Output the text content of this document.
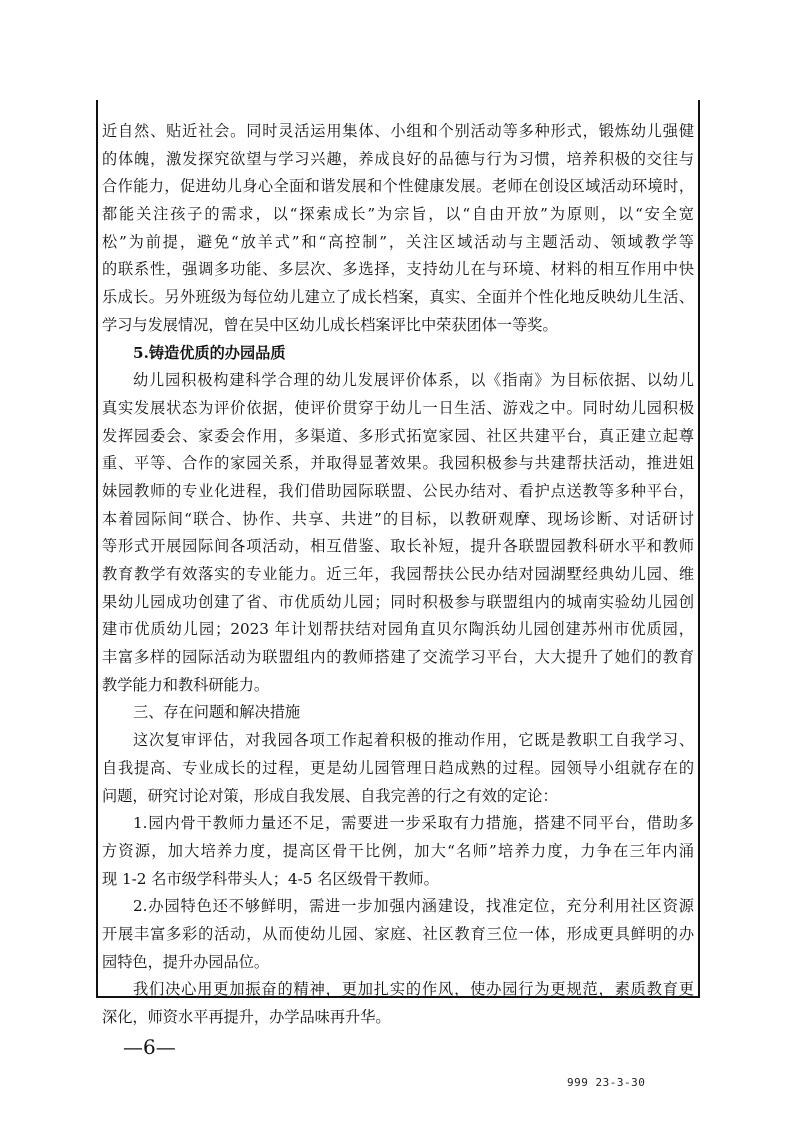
近自然、贴近社会。同时灵活运用集体、小组和个别活动等多种形式，锻炼幼儿强健
的体魄，激发探究欲望与学习兴趣，养成良好的品德与行为习惯，培养积极的交往与
合作能力，促进幼儿身心全面和谐发展和个性健康发展。老师在创设区域活动环境时，
都能关注孩子的需求，以“探索成长”为宗旨，以“自由开放”为原则，以“安全宽
松”为前提，避免“放羊式”和“高控制”，关注区域活动与主题活动、领域教学等
的联系性，强调多功能、多层次、多选择，支持幼儿在与环境、材料的相互作用中快
乐成长。另外班级为每位幼儿建立了成长档案，真实、全面并个性化地反映幼儿生活、
学习与发展情况，曾在吴中区幼儿成长档案评比中荣获团体一等奖。
5.铸造优质的办园品质
幼儿园积极构建科学合理的幼儿发展评价体系，以《指南》为目标依据、以幼儿
真实发展状态为评价依据，使评价贯穿于幼儿一日生活、游戏之中。同时幼儿园积极
发挥园委会、家委会作用，多渠道、多形式拓宽家园、社区共建平台，真正建立起尊
重、平等、合作的家园关系，并取得显著效果。我园积极参与共建帮扶活动，推进姐
妹园教师的专业化进程，我们借助园际联盟、公民办结对、看护点送教等多种平台，
本着园际间“联合、协作、共享、共进”的目标，以教研观摩、现场诊断、对话研讨
等形式开展园际间各项活动，相互借鉴、取长补短，提升各联盟园教科研水平和教师
教育教学有效落实的专业能力。近三年，我园帮扶公民办结对园湖墅经典幼儿园、维
果幼儿园成功创建了省、市优质幼儿园；同时积极参与联盟组内的城南实验幼儿园创
建市优质幼儿园；2023 年计划帮扶结对园角直贝尔陶浜幼儿园创建苏州市优质园，
丰富多样的园际活动为联盟组内的教师搭建了交流学习平台，大大提升了她们的教育
教学能力和教科研能力。
三、存在问题和解决措施
这次复审评估，对我园各项工作起着积极的推动作用，它既是教职工自我学习、
自我提高、专业成长的过程，更是幼儿园管理日趋成熟的过程。园领导小组就存在的
问题，研究讨论对策，形成自我发展、自我完善的行之有效的定论：
1.园内骨干教师力量还不足，需要进一步采取有力措施，搭建不同平台，借助多
方资源，加大培养力度，提高区骨干比例，加大“名师”培养力度，力争在三年内涌
现 1-2 名市级学科带头人；4-5 名区级骨干教师。
2.办园特色还不够鲜明，需进一步加强内涵建设，找准定位，充分利用社区资源
开展丰富多彩的活动，从而使幼儿园、家庭、社区教育三位一体，形成更具鲜明的办
园特色，提升办园品位。
我们决心用更加振奋的精神，更加扎实的作风，使办园行为更规范，素质教育更
深化，师资水平再提升，办学品味再升华。
—6—
999 23-3-30
